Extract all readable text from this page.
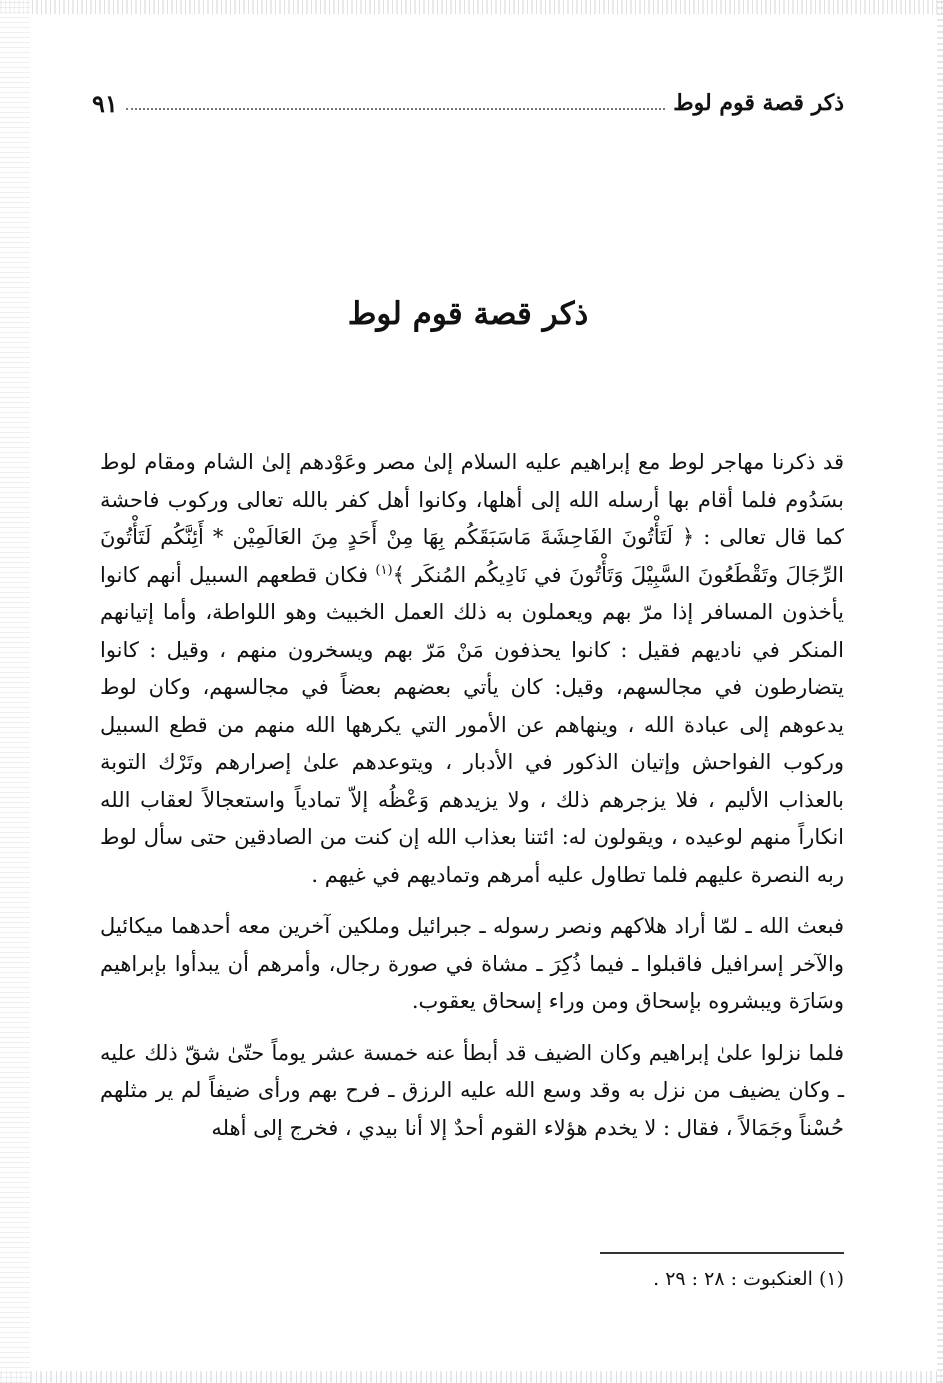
ذكر قصة قوم لوط
٩١
ذكر قصة قوم لوط

قد ذكرنا مهاجر لوط مع إبراهيم عليه السلام إلىٰ مصر وعَوْدهم إلىٰ الشام ومقام لوط بسَدُوم فلما أقام بها أرسله الله إلى أهلها، وكانوا أهل كفر بالله تعالى وركوب فاحشة كما قال تعالى : ﴿ لَتَأْتُونَ الفَاحِشَةَ مَاسَبَقَكُم بِهَا مِنْ أَحَدٍ مِنَ العَالَمِيْن * أَئِنَّكُم لَتَأْتُونَ الرِّجَالَ وتَقْطَعُونَ السَّبِيْلَ وَتَأْتُونَ في نَادِيكُم المُنكَر ﴾$^{(١)}$ فكان قطعهم السبيل أنهم كانوا يأخذون المسافر إذا مرّ بهم ويعملون به ذلك العمل الخبيث وهو اللواطة، وأما إتيانهم المنكر في ناديهم فقيل : كانوا يحذفون مَنْ مَرّ بهم ويسخرون منهم ، وقيل : كانوا يتضارطون في مجالسهم، وقيل: كان يأتي بعضهم بعضاً في مجالسهم، وكان لوط يدعوهم إلى عبادة الله ، وينهاهم عن الأمور التي يكرهها الله منهم من قطع السبيل وركوب الفواحش وإتيان الذكور في الأدبار ، ويتوعدهم علىٰ إصرارهم وتَرْك التوبة بالعذاب الأليم ، فلا يزجرهم ذلك ، ولا يزيدهم وَعْظُه إلاّ تمادياً واستعجالاً لعقاب الله انكاراً منهم لوعيده ، ويقولون له: ائتنا بعذاب الله إن كنت من الصادقين حتى سأل لوط ربه النصرة عليهم فلما تطاول عليه أمرهم وتماديهم في غيهم .

فبعث الله ـ لمّا أراد هلاكهم ونصر رسوله ـ جبرائيل وملكين آخرين معه أحدهما ميكائيل والآخر إسرافيل فاقبلوا ـ فيما ذُكِرَ ـ مشاة في صورة رجال، وأمرهم أن يبدأوا بإبراهيم وسَارَة ويبشروه بإسحاق ومن وراء إسحاق يعقوب.

فلما نزلوا علىٰ إبراهيم وكان الضيف قد أبطأ عنه خمسة عشر يوماً حتّىٰ شقّ ذلك عليه ـ وكان يضيف من نزل به وقد وسع الله عليه الرزق ـ فرح بهم ورأى ضيفاً لم ير مثلهم حُسْناً وجَمَالاً ، فقال : لا يخدم هؤلاء القوم أحدٌ إلا أنا بيدي ، فخرج إلى أهله

(١) العنكبوت : ٢٨ : ٢٩ .
